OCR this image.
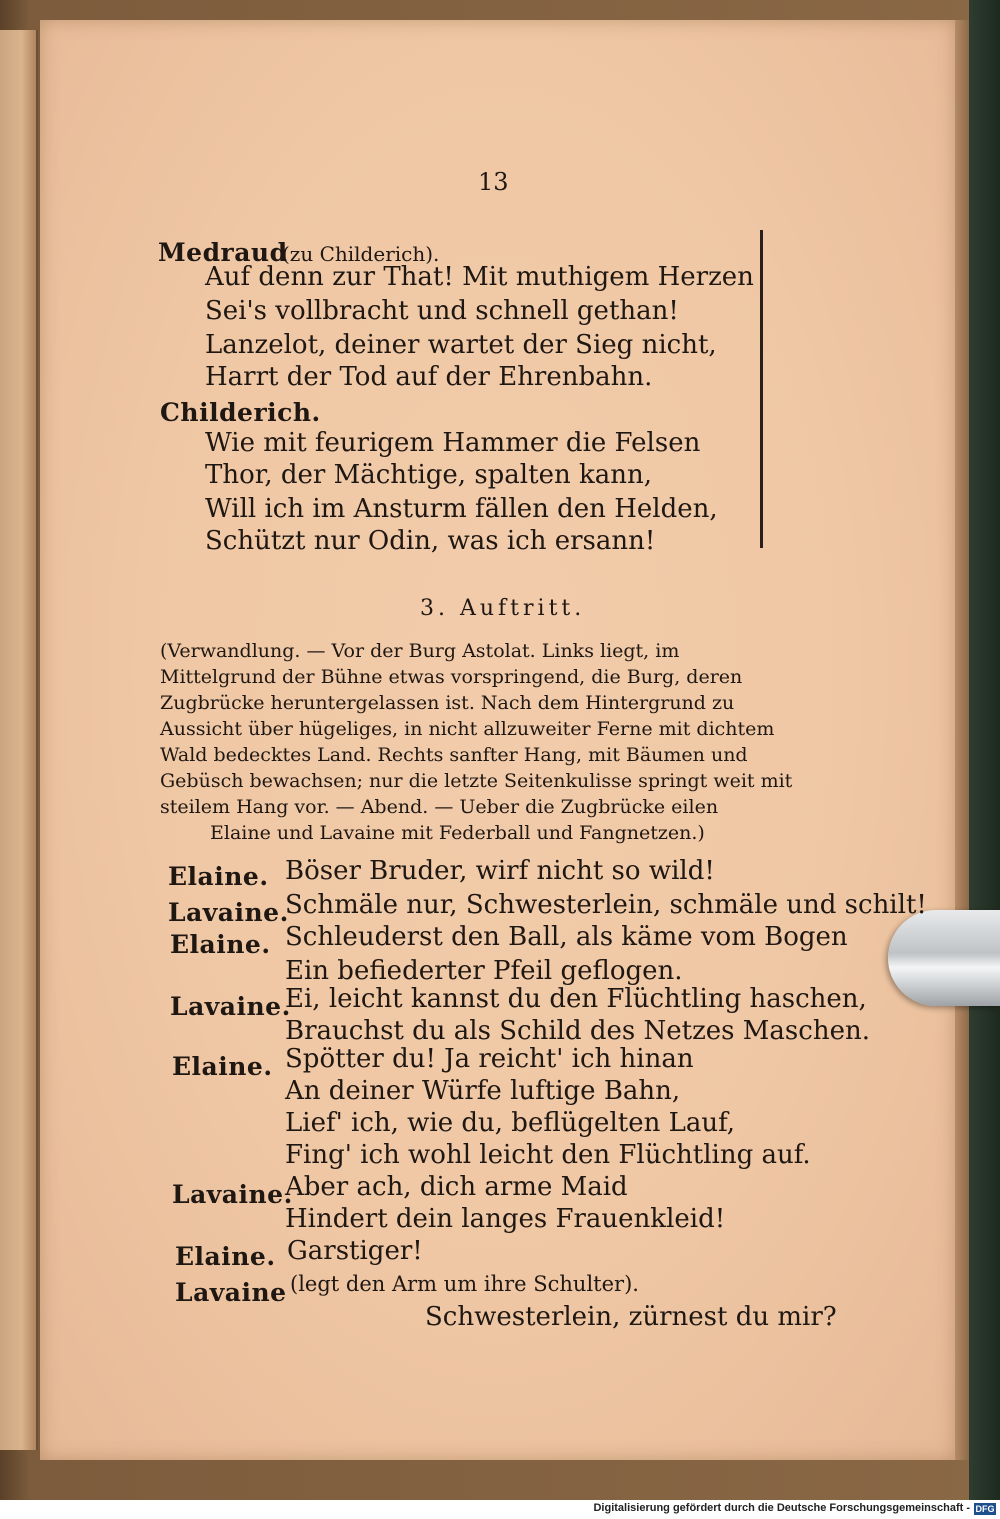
13
Medraud
(zu Childerich).
Auf denn zur That! Mit muthigem Herzen
Sei's vollbracht und schnell gethan!
Lanzelot, deiner wartet der Sieg nicht,
Harrt der Tod auf der Ehrenbahn.
Childerich.
Wie mit feurigem Hammer die Felsen
Thor, der Mächtige, spalten kann,
Will ich im Ansturm fällen den Helden,
Schützt nur Odin, was ich ersann!
3. Auftritt.
(Verwandlung. — Vor der Burg Astolat. Links liegt, im
Mittelgrund der Bühne etwas vorspringend, die Burg, deren
Zugbrücke heruntergelassen ist. Nach dem Hintergrund zu
Aussicht über hügeliges, in nicht allzuweiter Ferne mit dichtem
Wald bedecktes Land. Rechts sanfter Hang, mit Bäumen und
Gebüsch bewachsen; nur die letzte Seitenkulisse springt weit mit
steilem Hang vor. — Abend. — Ueber die Zugbrücke eilen
Elaine und Lavaine mit Federball und Fangnetzen.)
Elaine. Böser Bruder, wirf nicht so wild!
Lavaine.
Schmäle nur, Schwesterlein, schmäle und schilt!
Elaine. Schleuderst den Ball, als käme vom Bogen
Ein befiederter Pfeil geflogen.
Lavaine.
Ei, leicht kannst du den Flüchtling haschen,
Brauchst du als Schild des Netzes Maschen.
Elaine. Spötter du! Ja reicht' ich hinan
An deiner Würfe luftige Bahn,
Lief' ich, wie du, beflügelten Lauf,
Fing' ich wohl leicht den Flüchtling auf.
Lavaine.
Aber ach, dich arme Maid
Hindert dein langes Frauenkleid!
Elaine. Garstiger!
Lavaine (legt den Arm um ihre Schulter).
Schwesterlein, zürnest du mir?
Digitalisierung gefördert durch die Deutsche Forschungsgemeinschaft - DFG
